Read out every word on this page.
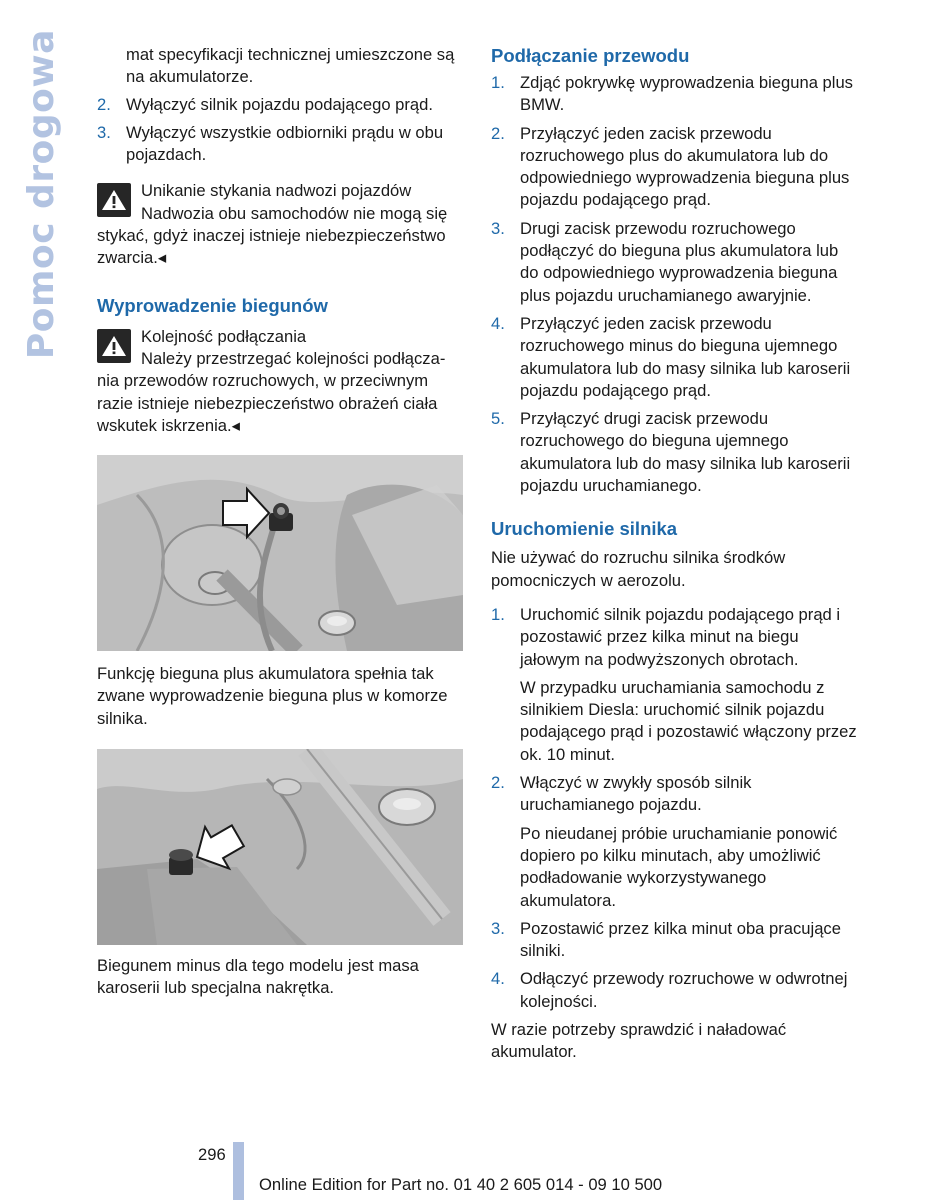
Pomoc drogowa	mat specyfikacji technicznej umieszczone są na akumulatorze.

2. Wyłączyć silnik pojazdu podającego prąd.
3. Wyłączyć wszystkie odbiorniki prądu w obu pojazdach.

Unikanie stykania nadwozi pojazdów

Nadwozia obu samochodów nie mogą się

stykać, gdyż inaczej istnieje niebezpieczeństwo zwarcia.◂

Wyprowadzenie biegunów

Kolejność podłączania

Należy przestrzegać kolejności podłącza-

nia przewodów rozruchowych, w przeciwnym razie istnieje niebezpieczeństwo obrażeń ciała wskutek iskrzenia.◂

Funkcję bieguna plus akumulatora spełnia tak zwane wyprowadzenie bieguna plus w komorze silnika.

Biegunem minus dla tego modelu jest masa karoserii lub specjalna nakrętka.

Podłączanie przewodu
1. Zdjąć pokrywkę wyprowadzenia bieguna plus BMW.
2. Przyłączyć jeden zacisk przewodu rozruchowego plus do akumulatora lub do odpowiedniego wyprowadzenia bieguna plus pojazdu podającego prąd.
3. Drugi zacisk przewodu rozruchowego podłączyć do bieguna plus akumulatora lub do odpowiedniego wyprowadzenia bieguna plus pojazdu uruchamianego awaryjnie.
4. Przyłączyć jeden zacisk przewodu rozruchowego minus do bieguna ujemnego akumulatora lub do masy silnika lub karoserii pojazdu podającego prąd.
5. Przyłączyć drugi zacisk przewodu rozruchowego do bieguna ujemnego akumulatora lub do masy silnika lub karoserii pojazdu uruchamianego.
Uruchomienie silnika

Nie używać do rozruchu silnika środków pomocniczych w aerozolu.

1. Uruchomić silnik pojazdu podającego prąd i pozostawić przez kilka minut na biegu jałowym na podwyższonych obrotach.

W przypadku uruchamiania samochodu z silnikiem Diesla: uruchomić silnik pojazdu podającego prąd i pozostawić włączony przez ok. 10 minut.

2. Włączyć w zwykły sposób silnik uruchamianego pojazdu.

Po nieudanej próbie uruchamianie ponowić dopiero po kilku minutach, aby umożliwić podładowanie wykorzystywanego akumulatora.

3. Pozostawić przez kilka minut oba pracujące silniki.
4. Odłączyć przewody rozruchowe w odwrotnej kolejności.

W razie potrzeby sprawdzić i naładować akumulator.

296
Online Edition for Part no. 01 40 2 605 014 - 09 10 500
